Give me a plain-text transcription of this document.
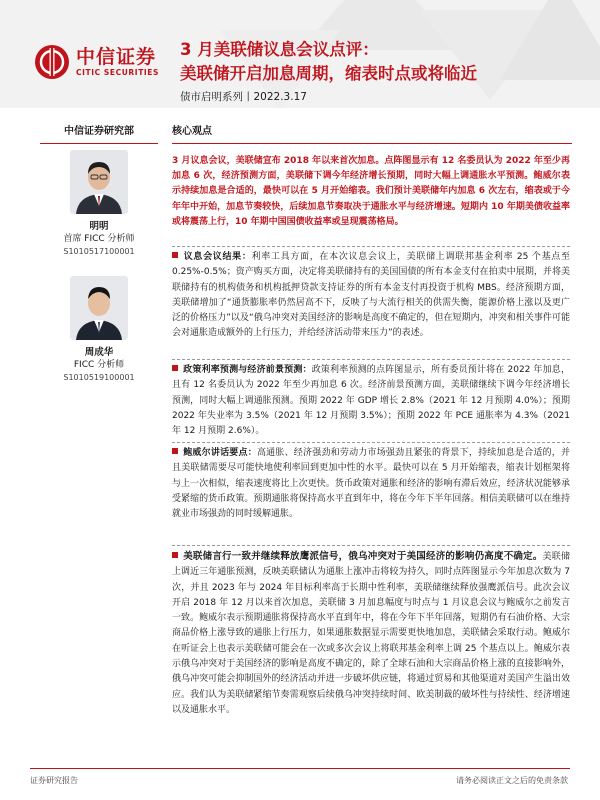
中信证券
CITIC SECURITIES
3 月美联储议息会议点评：
美联储开启加息周期，缩表时点或将临近
债市启明系列丨2022.3.17
中信证券研究部
明明
首席 FICC 分析师
S1010517100001
周成华
FICC 分析师
S1010519100001
核心观点
3 月议息会议，美联储宣布 2018 年以来首次加息。点阵图显示有 12 名委员认为 2022 年至少再加息 6 次，经济预测方面，美联储下调今年经济增长预期，同时大幅上调通胀水平预测。鲍威尔表示持续加息是合适的，最快可以在 5 月开始缩表。我们预计美联储年内加息 6 次左右，缩表或于今年年中开始，加息节奏较快，后续加息节奏取决于通胀水平与经济增速。短期内 10 年期美债收益率或将震荡上行，10 年期中国国债收益率或呈现震荡格局。
议息会议结果：利率工具方面，在本次议息会议上，美联储上调联邦基金利率 25 个基点至 0.25%-0.5%；资产购买方面，决定将美联储持有的美国国债的所有本金支付在拍卖中展期，并将美联储持有的机构债务和机构抵押贷款支持证券的所有本金支付再投资于机构 MBS。经济预期方面，美联储增加了“通货膨胀率仍然居高不下，反映了与大流行相关的供需失衡，能源价格上涨以及更广泛的价格压力”以及“俄乌冲突对美国经济的影响是高度不确定的，但在短期内，冲突和相关事件可能会对通胀造成额外的上行压力，并给经济活动带来压力”的表述。
政策利率预测与经济前景预测：政策利率预测的点阵图显示，所有委员预计将在 2022 年加息，且有 12 名委员认为 2022 年至少再加息 6 次。经济前景预测方面，美联储继续下调今年经济增长预测，同时大幅上调通胀预测。预期 2022 年 GDP 增长 2.8%（2021 年 12 月预期 4.0%）；预期 2022 年失业率为 3.5%（2021 年 12 月预期 3.5%）；预期 2022 年 PCE 通胀率为 4.3%（2021 年 12 月预期 2.6%）。
鲍威尔讲话要点：高通胀、经济强劲和劳动力市场强劲且紧张的背景下，持续加息是合适的，并且美联储需要尽可能快地使利率回到更加中性的水平。最快可以在 5 月开始缩表，缩表计划框架将与上一次相似，缩表速度将比上次更快。货币政策对通胀和经济的影响有滞后效应，经济状况能够承受紧缩的货币政策。预期通胀将保持高水平直到年中，将在今年下半年回落。相信美联储可以在维持就业市场强劲的同时缓解通胀。
美联储言行一致并继续释放鹰派信号，俄乌冲突对于美国经济的影响仍高度不确定。美联储上调近三年通胀预测，反映美联储认为通胀上涨冲击将较为持久，同时点阵图显示今年加息次数为 7 次，并且 2023 年与 2024 年目标利率高于长期中性利率，美联储继续释放强鹰派信号。此次会议开启 2018 年 12 月以来首次加息，美联储 3 月加息幅度与时点与 1 月议息会议与鲍威尔之前发言一致。鲍威尔表示预期通胀将保持高水平直到年中，将在今年下半年回落，短期仍有石油价格、大宗商品价格上涨导致的通胀上行压力，如果通胀数据显示需要更快地加息，美联储会采取行动。鲍威尔在听证会上也表示美联储可能会在一次或多次会议上将联邦基金利率上调 25 个基点以上。鲍威尔表示俄乌冲突对于美国经济的影响是高度不确定的，除了全球石油和大宗商品价格上涨的直接影响外，俄乌冲突可能会抑制国外的经济活动并进一步破坏供应链，将通过贸易和其他渠道对美国产生溢出效应。我们认为美联储紧缩节奏需观察后续俄乌冲突持续时间、欧美制裁的破坏性与持续性、经济增速以及通胀水平。
证券研究报告	请务必阅读正文之后的免责条款
